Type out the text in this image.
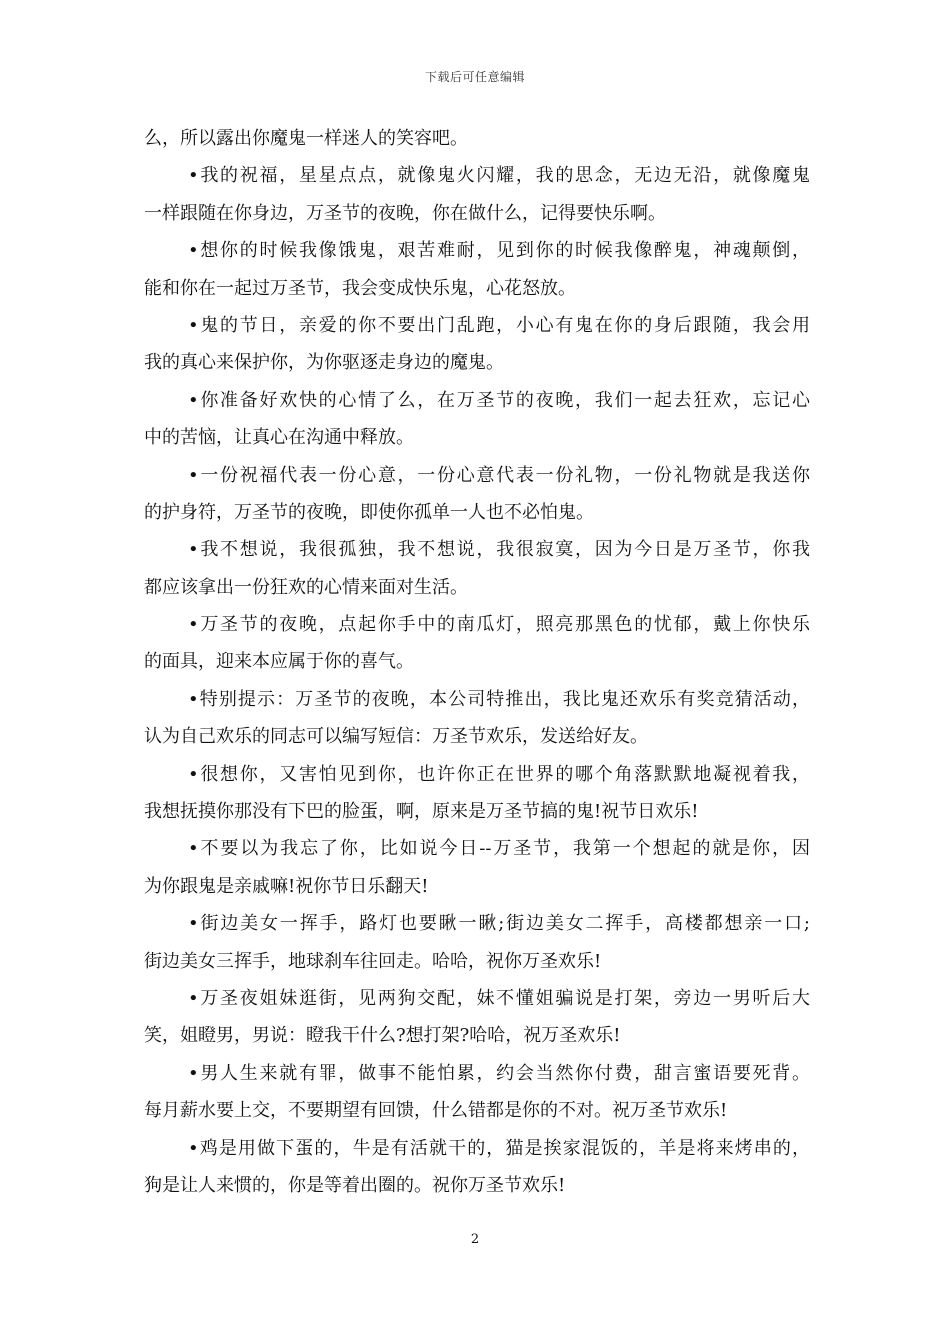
下载后可任意编辑
么，所以露出你魔鬼一样迷人的笑容吧。
•我的祝福，星星点点，就像鬼火闪耀，我的思念，无边无沿，就像魔鬼
一样跟随在你身边，万圣节的夜晚，你在做什么，记得要快乐啊。
•想你的时候我像饿鬼，艰苦难耐，见到你的时候我像醉鬼，神魂颠倒，
能和你在一起过万圣节，我会变成快乐鬼，心花怒放。
•鬼的节日，亲爱的你不要出门乱跑，小心有鬼在你的身后跟随，我会用
我的真心来保护你，为你驱逐走身边的魔鬼。
•你准备好欢快的心情了么，在万圣节的夜晚，我们一起去狂欢，忘记心
中的苦恼，让真心在沟通中释放。
•一份祝福代表一份心意，一份心意代表一份礼物，一份礼物就是我送你
的护身符，万圣节的夜晚，即使你孤单一人也不必怕鬼。
•我不想说，我很孤独，我不想说，我很寂寞，因为今日是万圣节，你我
都应该拿出一份狂欢的心情来面对生活。
•万圣节的夜晚，点起你手中的南瓜灯，照亮那黑色的忧郁，戴上你快乐
的面具，迎来本应属于你的喜气。
•特别提示：万圣节的夜晚，本公司特推出，我比鬼还欢乐有奖竞猜活动，
认为自己欢乐的同志可以编写短信：万圣节欢乐，发送给好友。
•很想你，又害怕见到你，也许你正在世界的哪个角落默默地凝视着我，
我想抚摸你那没有下巴的脸蛋，啊，原来是万圣节搞的鬼!祝节日欢乐!
•不要以为我忘了你，比如说今日--万圣节，我第一个想起的就是你，因
为你跟鬼是亲戚嘛!祝你节日乐翻天!
•街边美女一挥手，路灯也要瞅一瞅;街边美女二挥手，高楼都想亲一口;
街边美女三挥手，地球刹车往回走。哈哈，祝你万圣欢乐!
•万圣夜姐妹逛街，见两狗交配，妹不懂姐骗说是打架，旁边一男听后大
笑，姐瞪男，男说：瞪我干什么?想打架?哈哈，祝万圣欢乐!
•男人生来就有罪，做事不能怕累，约会当然你付费，甜言蜜语要死背。
每月薪水要上交，不要期望有回馈，什么错都是你的不对。祝万圣节欢乐!
•鸡是用做下蛋的，牛是有活就干的，猫是挨家混饭的，羊是将来烤串的，
狗是让人来惯的，你是等着出圈的。祝你万圣节欢乐!
2
